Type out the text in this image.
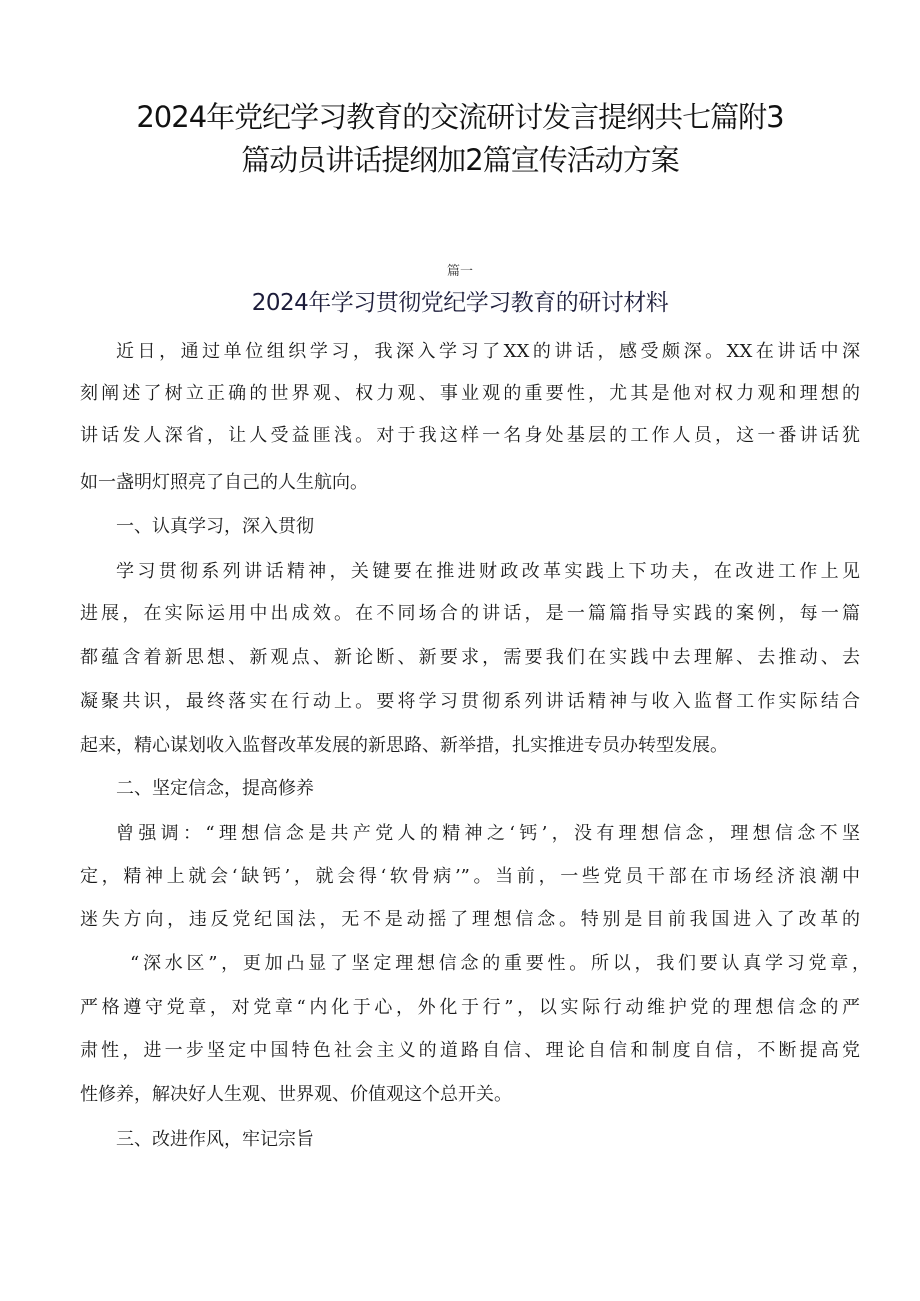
2024年党纪学习教育的交流研讨发言提纲共七篇附3
篇动员讲话提纲加2篇宣传活动方案
篇一
2024年学习贯彻党纪学习教育的研讨材料
近日，通过单位组织学习，我深入学习了XX的讲话，感受颇深。XX在讲话中深
刻阐述了树立正确的世界观、权力观、事业观的重要性，尤其是他对权力观和理想的
讲话发人深省，让人受益匪浅。对于我这样一名身处基层的工作人员，这一番讲话犹
如一盏明灯照亮了自己的人生航向。
一、认真学习，深入贯彻
学习贯彻系列讲话精神，关键要在推进财政改革实践上下功夫，在改进工作上见
进展，在实际运用中出成效。在不同场合的讲话，是一篇篇指导实践的案例，每一篇
都蕴含着新思想、新观点、新论断、新要求，需要我们在实践中去理解、去推动、去
凝聚共识，最终落实在行动上。要将学习贯彻系列讲话精神与收入监督工作实际结合
起来，精心谋划收入监督改革发展的新思路、新举措，扎实推进专员办转型发展。
二、坚定信念，提高修养
曾强调：“理想信念是共产党人的精神之‘钙’，没有理想信念，理想信念不坚
定，精神上就会‘缺钙’，就会得‘软骨病’”。当前，一些党员干部在市场经济浪潮中
迷失方向，违反党纪国法，无不是动摇了理想信念。特别是目前我国进入了改革的
“深水区”，更加凸显了坚定理想信念的重要性。所以，我们要认真学习党章，
严格遵守党章，对党章“内化于心，外化于行”，以实际行动维护党的理想信念的严
肃性，进一步坚定中国特色社会主义的道路自信、理论自信和制度自信，不断提高党
性修养，解决好人生观、世界观、价值观这个总开关。
三、改进作风，牢记宗旨
